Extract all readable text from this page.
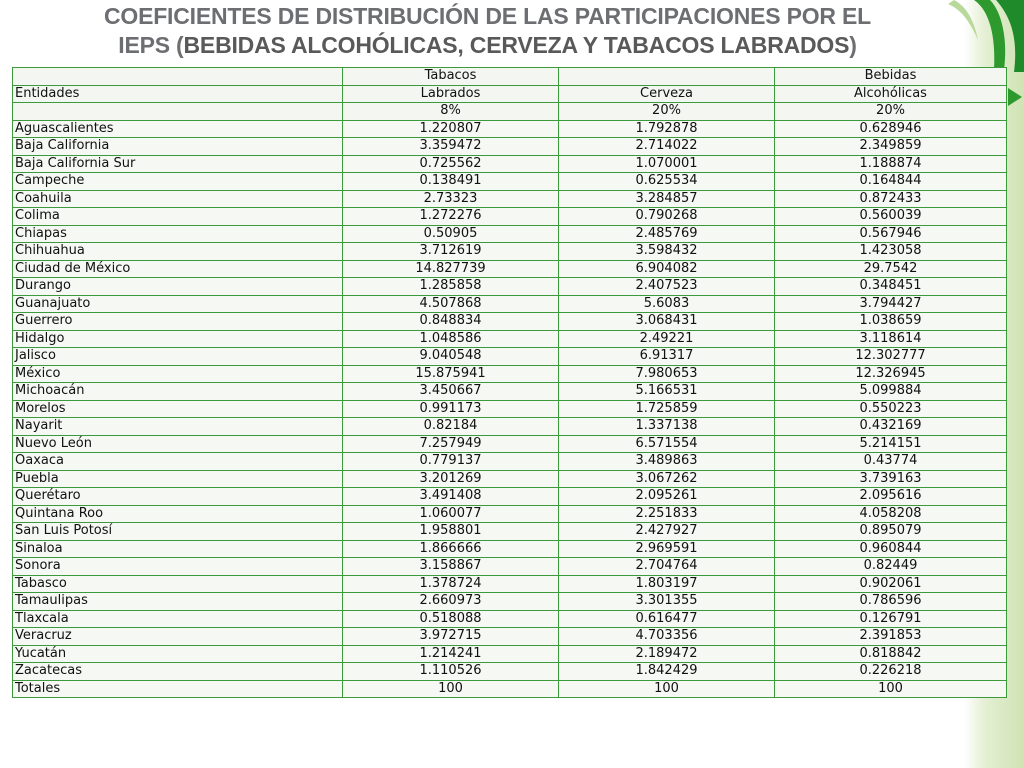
COEFICIENTES DE DISTRIBUCIÓN DE LAS PARTICIPACIONES POR EL
IEPS (BEBIDAS ALCOHÓLICAS, CERVEZA Y TABACOS LABRADOS)
	Tabacos		Bebidas
Entidades	Labrados	Cerveza	Alcohólicas
	8%	20%	20%
Aguascalientes	1.220807	1.792878	0.628946
Baja California	3.359472	2.714022	2.349859
Baja California Sur	0.725562	1.070001	1.188874
Campeche	0.138491	0.625534	0.164844
Coahuila	2.73323	3.284857	0.872433
Colima	1.272276	0.790268	0.560039
Chiapas	0.50905	2.485769	0.567946
Chihuahua	3.712619	3.598432	1.423058
Ciudad de México	14.827739	6.904082	29.7542
Durango	1.285858	2.407523	0.348451
Guanajuato	4.507868	5.6083	3.794427
Guerrero	0.848834	3.068431	1.038659
Hidalgo	1.048586	2.49221	3.118614
Jalisco	9.040548	6.91317	12.302777
México	15.875941	7.980653	12.326945
Michoacán	3.450667	5.166531	5.099884
Morelos	0.991173	1.725859	0.550223
Nayarit	0.82184	1.337138	0.432169
Nuevo León	7.257949	6.571554	5.214151
Oaxaca	0.779137	3.489863	0.43774
Puebla	3.201269	3.067262	3.739163
Querétaro	3.491408	2.095261	2.095616
Quintana Roo	1.060077	2.251833	4.058208
San Luis Potosí	1.958801	2.427927	0.895079
Sinaloa	1.866666	2.969591	0.960844
Sonora	3.158867	2.704764	0.82449
Tabasco	1.378724	1.803197	0.902061
Tamaulipas	2.660973	3.301355	0.786596
Tlaxcala	0.518088	0.616477	0.126791
Veracruz	3.972715	4.703356	2.391853
Yucatán	1.214241	2.189472	0.818842
Zacatecas	1.110526	1.842429	0.226218
Totales	100	100	100
